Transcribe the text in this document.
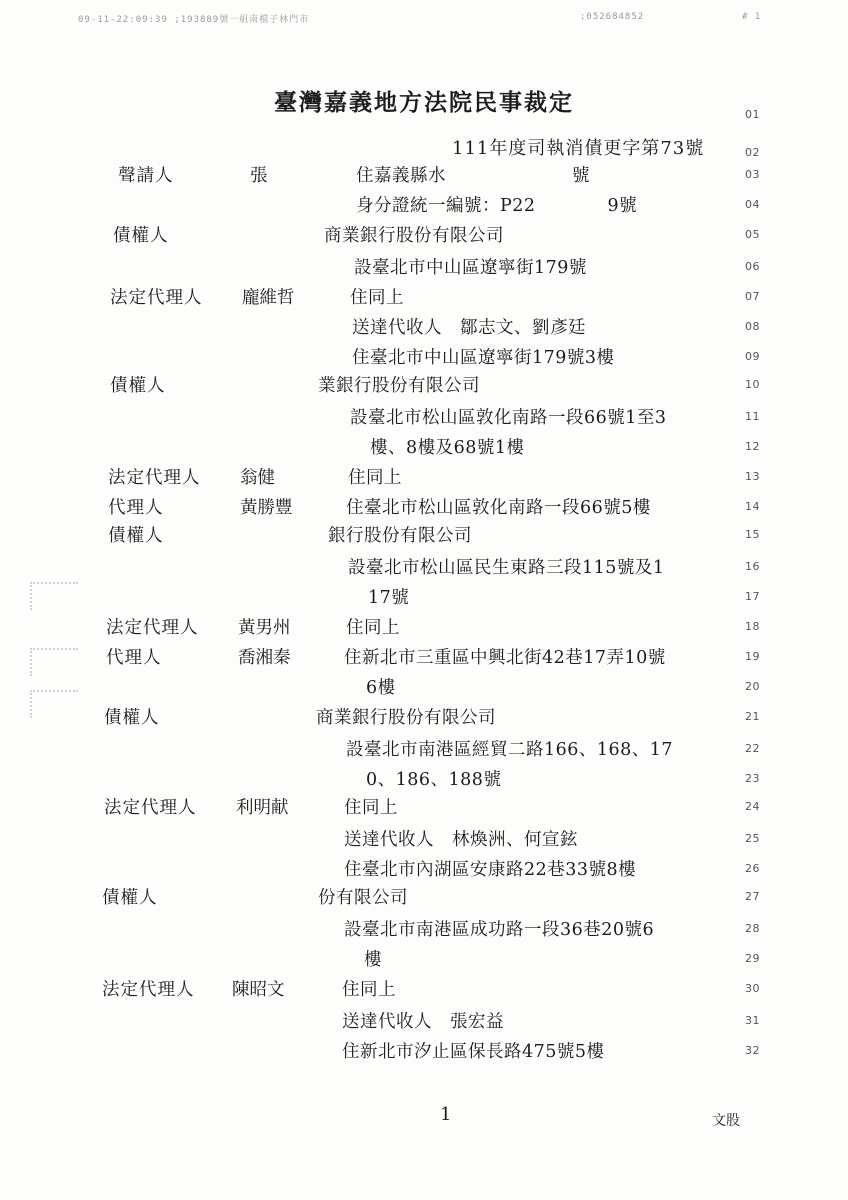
09-11-22:09:39 ;193889號一組南檔子林門市	;052684852	# 1
臺灣嘉義地方法院民事裁定
111年度司執消債更字第73號
01
02
聲請人	張	住嘉義縣水　　　　　　　號	03
身分證統一編號：P22　　　　9號	04
債權人	商業銀行股份有限公司	05
設臺北市中山區遼寧街179號	06
法定代理人 龐維哲	住同上	07
送達代收人　鄒志文、劉彥廷	08
住臺北市中山區遼寧街179號3樓	09
債權人	業銀行股份有限公司	10
設臺北市松山區敦化南路一段66號1至3	11
樓、8樓及68號1樓	12
法定代理人 翁健	住同上	13
代理人	黃勝豐	住臺北市松山區敦化南路一段66號5樓	14
債權人	銀行股份有限公司	15
設臺北市松山區民生東路三段115號及1	16
17號	17
法定代理人 黃男州	住同上	18
代理人	喬湘秦	住新北市三重區中興北街42巷17弄10號	19
6樓	20
債權人	商業銀行股份有限公司	21
設臺北市南港區經貿二路166、168、17	22
0、186、188號	23
法定代理人 利明献	住同上	24
送達代收人　林煥洲、何宣鉉	25
住臺北市內湖區安康路22巷33號8樓	26
債權人	份有限公司	27
設臺北市南港區成功路一段36巷20號6	28
樓	29
法定代理人 陳昭文	住同上	30
送達代收人　張宏益	31
住新北市汐止區保長路475號5樓	32
1	文股
